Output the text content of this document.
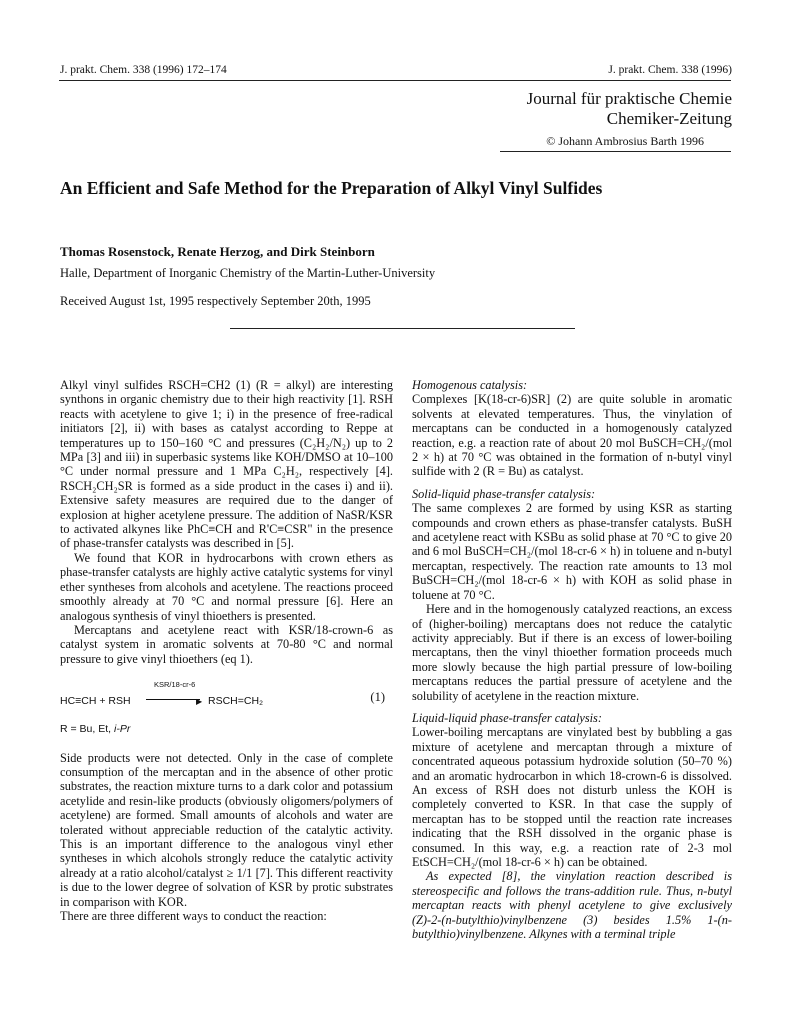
J. prakt. Chem. 338 (1996) 172–174	J. prakt. Chem. 338 (1996)
Journal für praktische Chemie
Chemiker-Zeitung
© Johann Ambrosius Barth 1996
An Efficient and Safe Method for the Preparation of Alkyl Vinyl Sulfides
Thomas Rosenstock, Renate Herzog, and Dirk Steinborn
Halle, Department of Inorganic Chemistry of the Martin-Luther-University
Received August 1st, 1995 respectively September 20th, 1995

Alkyl vinyl sulfides RSCH=CH2 (1) (R = alkyl) are interesting synthons in organic chemistry due to their high reactivity [1]. RSH reacts with acetylene to give 1; i) in the presence of free-radical initiators [2], ii) with bases as catalyst according to Reppe at temperatures up to 150–160 °C and pressures (C₂H₂/N₂) up to 2 MPa [3] and iii) in superbasic systems like KOH/DMSO at 10–100 °C under normal pressure and 1 MPa C₂H₂, respectively [4]. RSCH₂CH₂SR is formed as a side product in the cases i) and ii). Extensive safety measures are required due to the danger of explosion at higher acetylene pressure. The addition of NaSR/KSR to activated alkynes like PhC≡CH and R'C≡CSR" in the presence of phase-transfer catalysts was described in [5].

We found that KOR in hydrocarbons with crown ethers as phase-transfer catalysts are highly active catalytic systems for vinyl ether syntheses from alcohols and acetylene. The reactions proceed smoothly already at 70 °C and normal pressure [6]. Here an analogous synthesis of vinyl thioethers is presented.

Mercaptans and acetylene react with KSR/18-crown-6 as catalyst system in aromatic solvents at 70-80 °C and normal pressure to give vinyl thioethers (eq 1).

HC≡CH + RSH
KSR/18-cr-6
▶ RSCH=CH₂	(1)
R = Bu, Et, i-Pr

Side products were not detected. Only in the case of complete consumption of the mercaptan and in the absence of other protic substrates, the reaction mixture turns to a dark color and potassium acetylide and resin-like products (obviously oligomers/polymers of acetylene) are formed. Small amounts of alcohols and water are tolerated without appreciable reduction of the catalytic activity. This is an important difference to the analogous vinyl ether syntheses in which alcohols strongly reduce the catalytic activity already at a ratio alcohol/catalyst ≥ 1/1 [7]. This different reactivity is due to the lower degree of solvation of KSR by protic substrates in comparison with KOR.

There are three different ways to conduct the reaction:

Homogenous catalysis:

Complexes [K(18-cr-6)SR] (2) are quite soluble in aromatic solvents at elevated temperatures. Thus, the vinylation of mercaptans can be conducted in a homogenously catalyzed reaction, e.g. a reaction rate of about 20 mol BuSCH=CH₂/(mol 2 × h) at 70 °C was obtained in the formation of n-butyl vinyl sulfide with 2 (R = Bu) as catalyst.

Solid-liquid phase-transfer catalysis:

The same complexes 2 are formed by using KSR as starting compounds and crown ethers as phase-transfer catalysts. BuSH and acetylene react with KSBu as solid phase at 70 °C to give 20 and 6 mol BuSCH=CH₂/(mol 18-cr-6 × h) in toluene and n-butyl mercaptan, respectively. The reaction rate amounts to 13 mol BuSCH=CH₂/(mol 18-cr-6 × h) with KOH as solid phase in toluene at 70 °C.

Here and in the homogenously catalyzed reactions, an excess of (higher-boiling) mercaptans does not reduce the catalytic activity appreciably. But if there is an excess of lower-boiling mercaptans, then the vinyl thioether formation proceeds much more slowly because the high partial pressure of low-boiling mercaptans reduces the partial pressure of acetylene and the solubility of acetylene in the reaction mixture.

Liquid-liquid phase-transfer catalysis:

Lower-boiling mercaptans are vinylated best by bubbling a gas mixture of acetylene and mercaptan through a mixture of concentrated aqueous potassium hydroxide solution (50–70 %) and an aromatic hydrocarbon in which 18-crown-6 is dissolved. An excess of RSH does not disturb unless the KOH is completely converted to KSR. In that case the supply of mercaptan has to be stopped until the reaction rate increases indicating that the RSH dissolved in the organic phase is consumed. In this way, e.g. a reaction rate of 2-3 mol EtSCH=CH₂/(mol 18-cr-6 × h) can be obtained.

As expected [8], the vinylation reaction described is stereospecific and follows the trans-addition rule. Thus, n-butyl mercaptan reacts with phenyl acetylene to give exclusively (Z)-2-(n-butylthio)vinylbenzene (3) besides 1.5% 1-(n-butylthio)vinylbenzene. Alkynes with a terminal triple
